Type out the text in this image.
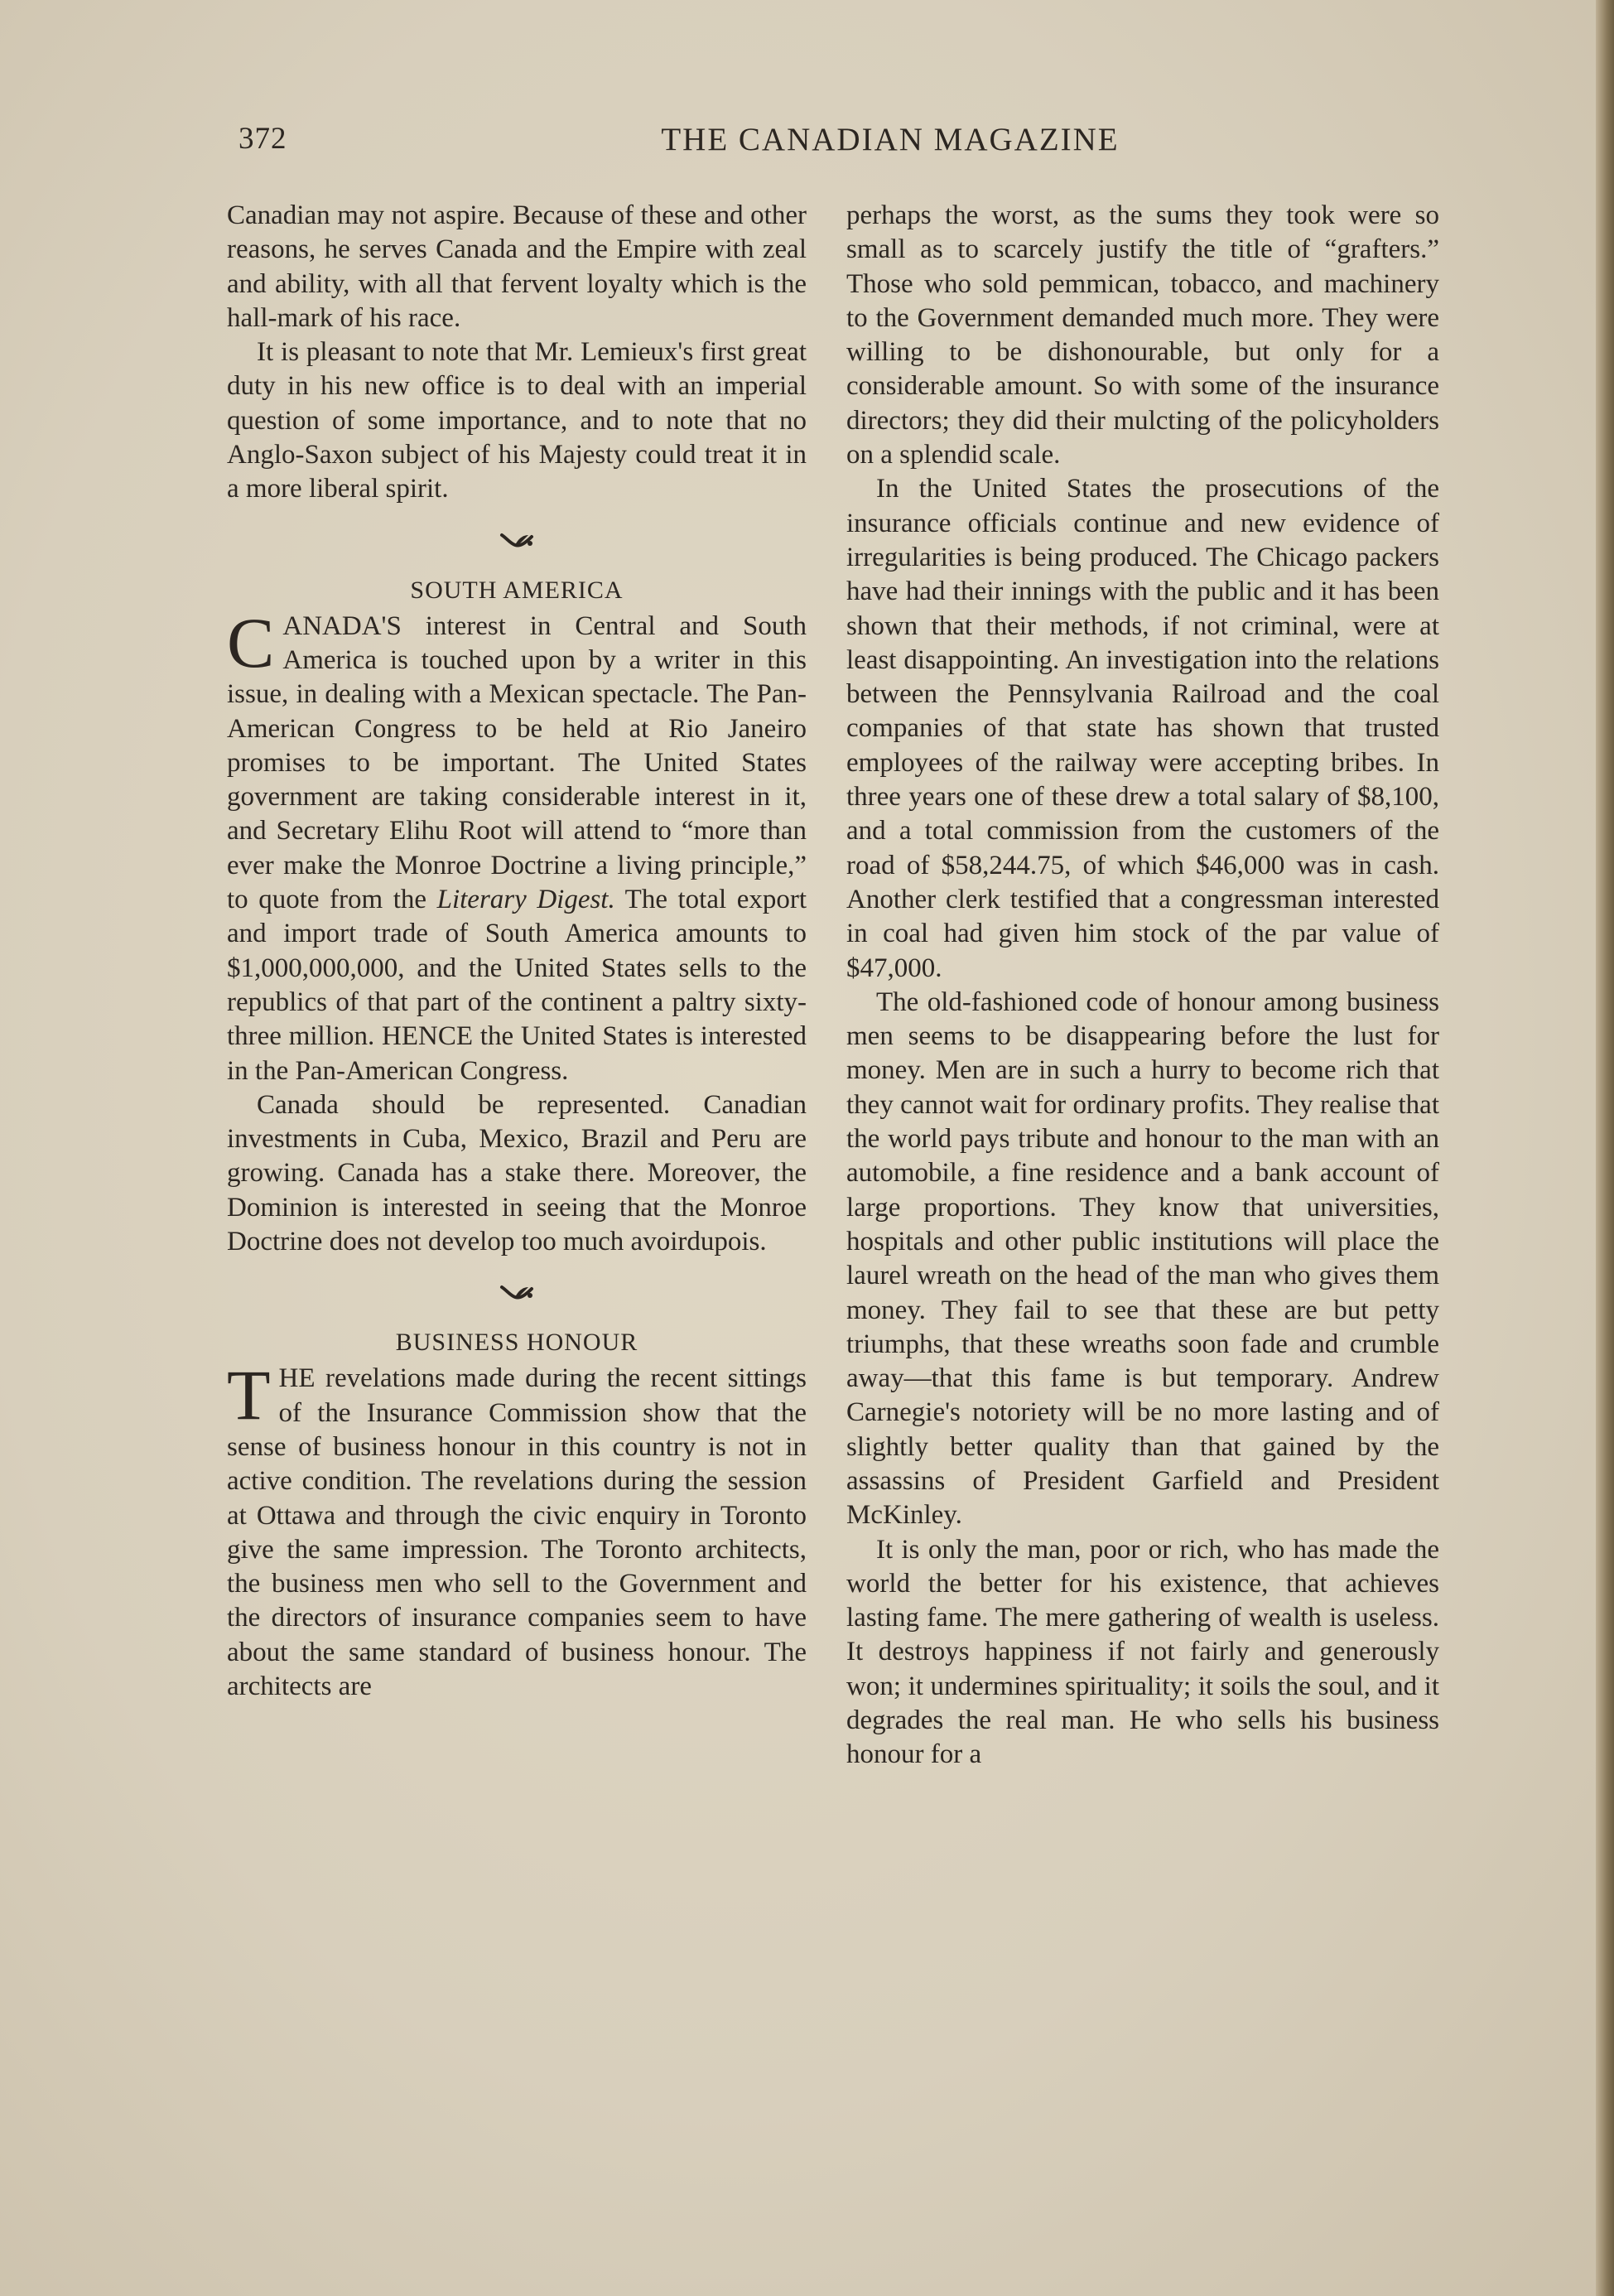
372	THE CANADIAN MAGAZINE

Canadian may not aspire. Because of these and other reasons, he serves Canada and the Empire with zeal and ability, with all that fervent loyalty which is the hall-mark of his race.

It is pleasant to note that Mr. Lemieux's first great duty in his new office is to deal with an imperial question of some importance, and to note that no Anglo-Saxon subject of his Majesty could treat it in a more liberal spirit.

SOUTH AMERICA

CANADA'S interest in Central and South America is touched upon by a writer in this issue, in dealing with a Mexican spectacle. The Pan-American Congress to be held at Rio Janeiro promises to be important. The United States government are taking considerable interest in it, and Secretary Elihu Root will attend to “more than ever make the Monroe Doctrine a living principle,” to quote from the Literary Digest. The total export and import trade of South America amounts to $1,000,000,000, and the United States sells to the republics of that part of the continent a paltry sixty-three million. HENCE the United States is interested in the Pan-American Congress.

Canada should be represented. Canadian investments in Cuba, Mexico, Brazil and Peru are growing. Canada has a stake there. Moreover, the Dominion is interested in seeing that the Monroe Doctrine does not develop too much avoirdupois.

BUSINESS HONOUR

THE revelations made during the recent sittings of the Insurance Commission show that the sense of business honour in this country is not in active condition. The revelations during the session at Ottawa and through the civic enquiry in Toronto give the same impression. The Toronto architects, the business men who sell to the Government and the directors of insurance companies seem to have about the same standard of business honour. The architects are

perhaps the worst, as the sums they took were so small as to scarcely justify the title of “grafters.” Those who sold pemmican, tobacco, and machinery to the Government demanded much more. They were willing to be dishonourable, but only for a considerable amount. So with some of the insurance directors; they did their mulcting of the policyholders on a splendid scale.

In the United States the prosecutions of the insurance officials continue and new evidence of irregularities is being produced. The Chicago packers have had their innings with the public and it has been shown that their methods, if not criminal, were at least disappointing. An investigation into the relations between the Pennsylvania Railroad and the coal companies of that state has shown that trusted employees of the railway were accepting bribes. In three years one of these drew a total salary of $8,100, and a total commission from the customers of the road of $58,244.75, of which $46,000 was in cash. Another clerk testified that a congressman interested in coal had given him stock of the par value of $47,000.

The old-fashioned code of honour among business men seems to be disappearing before the lust for money. Men are in such a hurry to become rich that they cannot wait for ordinary profits. They realise that the world pays tribute and honour to the man with an automobile, a fine residence and a bank account of large proportions. They know that universities, hospitals and other public institutions will place the laurel wreath on the head of the man who gives them money. They fail to see that these are but petty triumphs, that these wreaths soon fade and crumble away—that this fame is but temporary. Andrew Carnegie's notoriety will be no more lasting and of slightly better quality than that gained by the assassins of President Garfield and President McKinley.

It is only the man, poor or rich, who has made the world the better for his existence, that achieves lasting fame. The mere gathering of wealth is useless. It destroys happiness if not fairly and generously won; it undermines spirituality; it soils the soul, and it degrades the real man. He who sells his business honour for a
